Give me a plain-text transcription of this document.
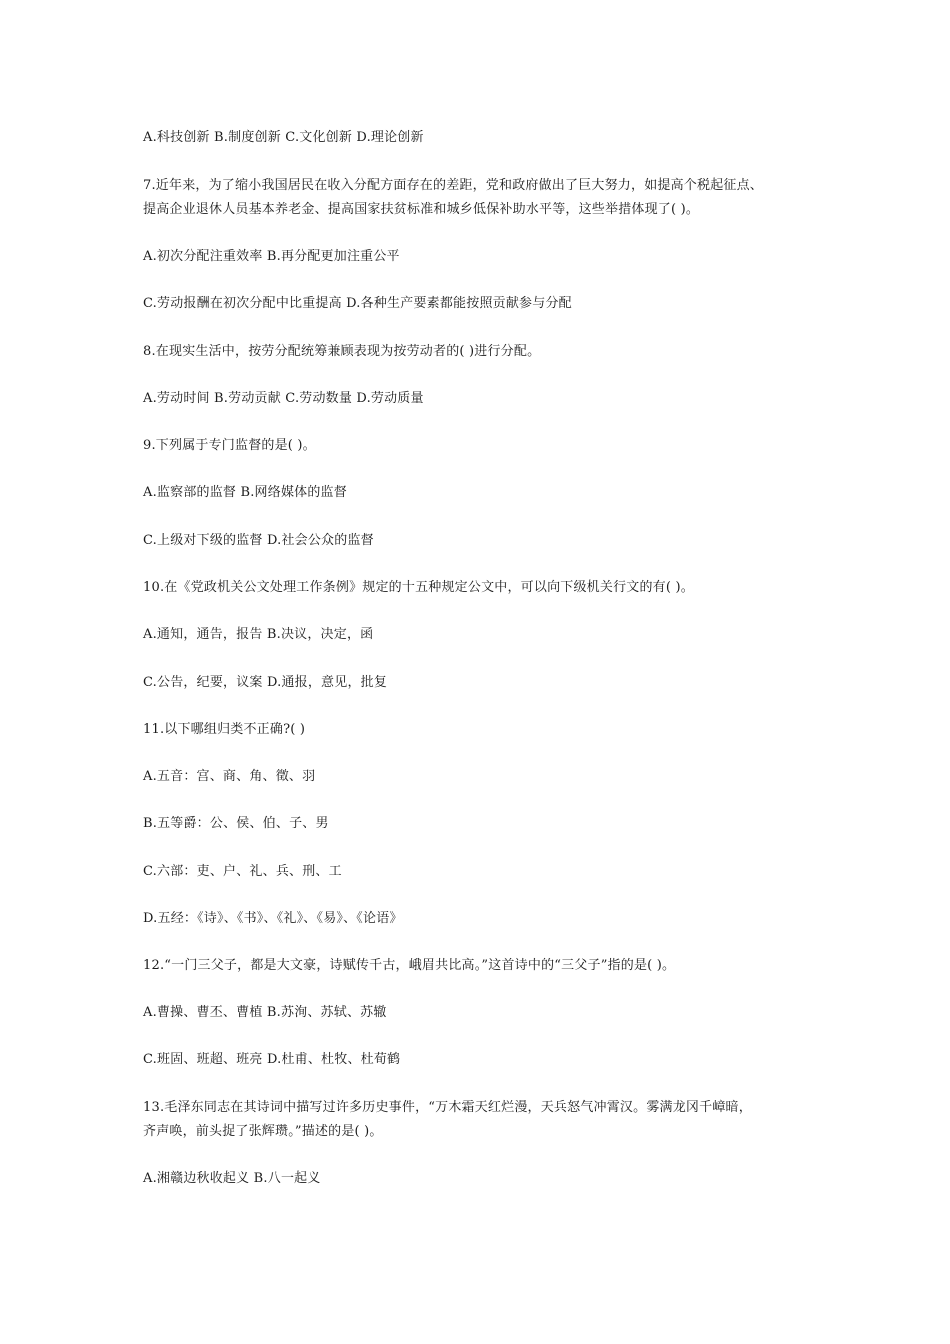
A.科技创新 B.制度创新 C.文化创新 D.理论创新
7.近年来，为了缩小我国居民在收入分配方面存在的差距，党和政府做出了巨大努力，如提高个税起征点、
提高企业退休人员基本养老金、提高国家扶贫标准和城乡低保补助水平等，这些举措体现了( )。
A.初次分配注重效率 B.再分配更加注重公平
C.劳动报酬在初次分配中比重提高 D.各种生产要素都能按照贡献参与分配
8.在现实生活中，按劳分配统筹兼顾表现为按劳动者的( )进行分配。
A.劳动时间 B.劳动贡献 C.劳动数量 D.劳动质量
9.下列属于专门监督的是( )。
A.监察部的监督 B.网络媒体的监督
C.上级对下级的监督 D.社会公众的监督
10.在《党政机关公文处理工作条例》规定的十五种规定公文中，可以向下级机关行文的有( )。
A.通知，通告，报告 B.决议，决定，函
C.公告，纪要，议案 D.通报，意见，批复
11.以下哪组归类不正确?( )
A.五音：宫、商、角、徵、羽
B.五等爵：公、侯、伯、子、男
C.六部：吏、户、礼、兵、刑、工
D.五经：《诗》、《书》、《礼》、《易》、《论语》
12.“一门三父子，都是大文豪，诗赋传千古，峨眉共比高。”这首诗中的“三父子”指的是( )。
A.曹操、曹丕、曹植 B.苏洵、苏轼、苏辙
C.班固、班超、班亮 D.杜甫、杜牧、杜荀鹤
13.毛泽东同志在其诗词中描写过许多历史事件，“万木霜天红烂漫，天兵怒气冲霄汉。雾满龙冈千嶂暗，
齐声唤，前头捉了张辉瓒。”描述的是( )。
A.湘赣边秋收起义 B.八一起义
